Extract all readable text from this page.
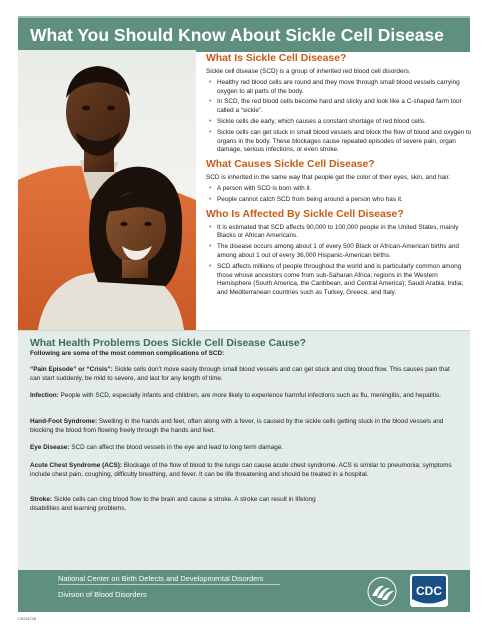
What You Should Know About Sickle Cell Disease
What Is Sickle Cell Disease?

Sickle cell disease (SCD) is a group of inherited red blood cell disorders.

• Healthy red blood cells are round and they move through small blood vessels carrying oxygen to all parts of the body.
• In SCD, the red blood cells become hard and sticky and look like a C-shaped farm tool called a “sickle”.
• Sickle cells die early, which causes a constant shortage of red blood cells.
• Sickle cells can get stuck in small blood vessels and block the flow of blood and oxygen to organs in the body. These blockages cause repeated episodes of severe pain, organ damage, serious infections, or even stroke.
What Causes Sickle Cell Disease?

SCD is inherited in the same way that people get the color of their eyes, skin, and hair.

• A person with SCD is born with it.
• People cannot catch SCD from being around a person who has it.
Who Is Affected By Sickle Cell Disease?
• It is estimated that SCD affects 90,000 to 100,000 people in the United States, mainly Blacks or African Americans.
• The disease occurs among about 1 of every 500 Black or African-American births and among about 1 out of every 36,000 Hispanic-American births.
• SCD affects millions of people throughout the world and is particularly common among those whose ancestors come from sub-Saharan Africa; regions in the Western Hemisphere (South America, the Caribbean, and Central America); Saudi Arabia; India; and Mediterranean countries such as Turkey, Greece, and Italy.
What Health Problems Does Sickle Cell Disease Cause?

Following are some of the most common complications of SCD:

“Pain Episode” or “Crisis”: Sickle cells don’t move easily through small blood vessels and can get stuck and clog blood flow. This causes pain that can start suddenly, be mild to severe, and last for any length of time.

Infection: People with SCD, especially infants and children, are more likely to experience harmful infections such as flu, meningitis, and hepatitis.

Hand-Foot Syndrome: Swelling in the hands and feet, often along with a fever, is caused by the sickle cells getting stuck in the blood vessels and blocking the blood from flowing freely through the hands and feet.

Eye Disease: SCD can affect the blood vessels in the eye and lead to long term damage.

Acute Chest Syndrome (ACS): Blockage of the flow of blood to the lungs can cause acute chest syndrome. ACS is similar to pneumonia; symptoms include chest pain, coughing, difficulty breathing, and fever. It can be life threatening and should be treated in a hospital.

Stroke: Sickle cells can clog blood flow to the brain and cause a stroke. A stroke can result in lifelong disabilities and learning problems.

National Center on Birth Defects and Developmental Disorders
Division of Blood Disorders	CDC
CS216728
